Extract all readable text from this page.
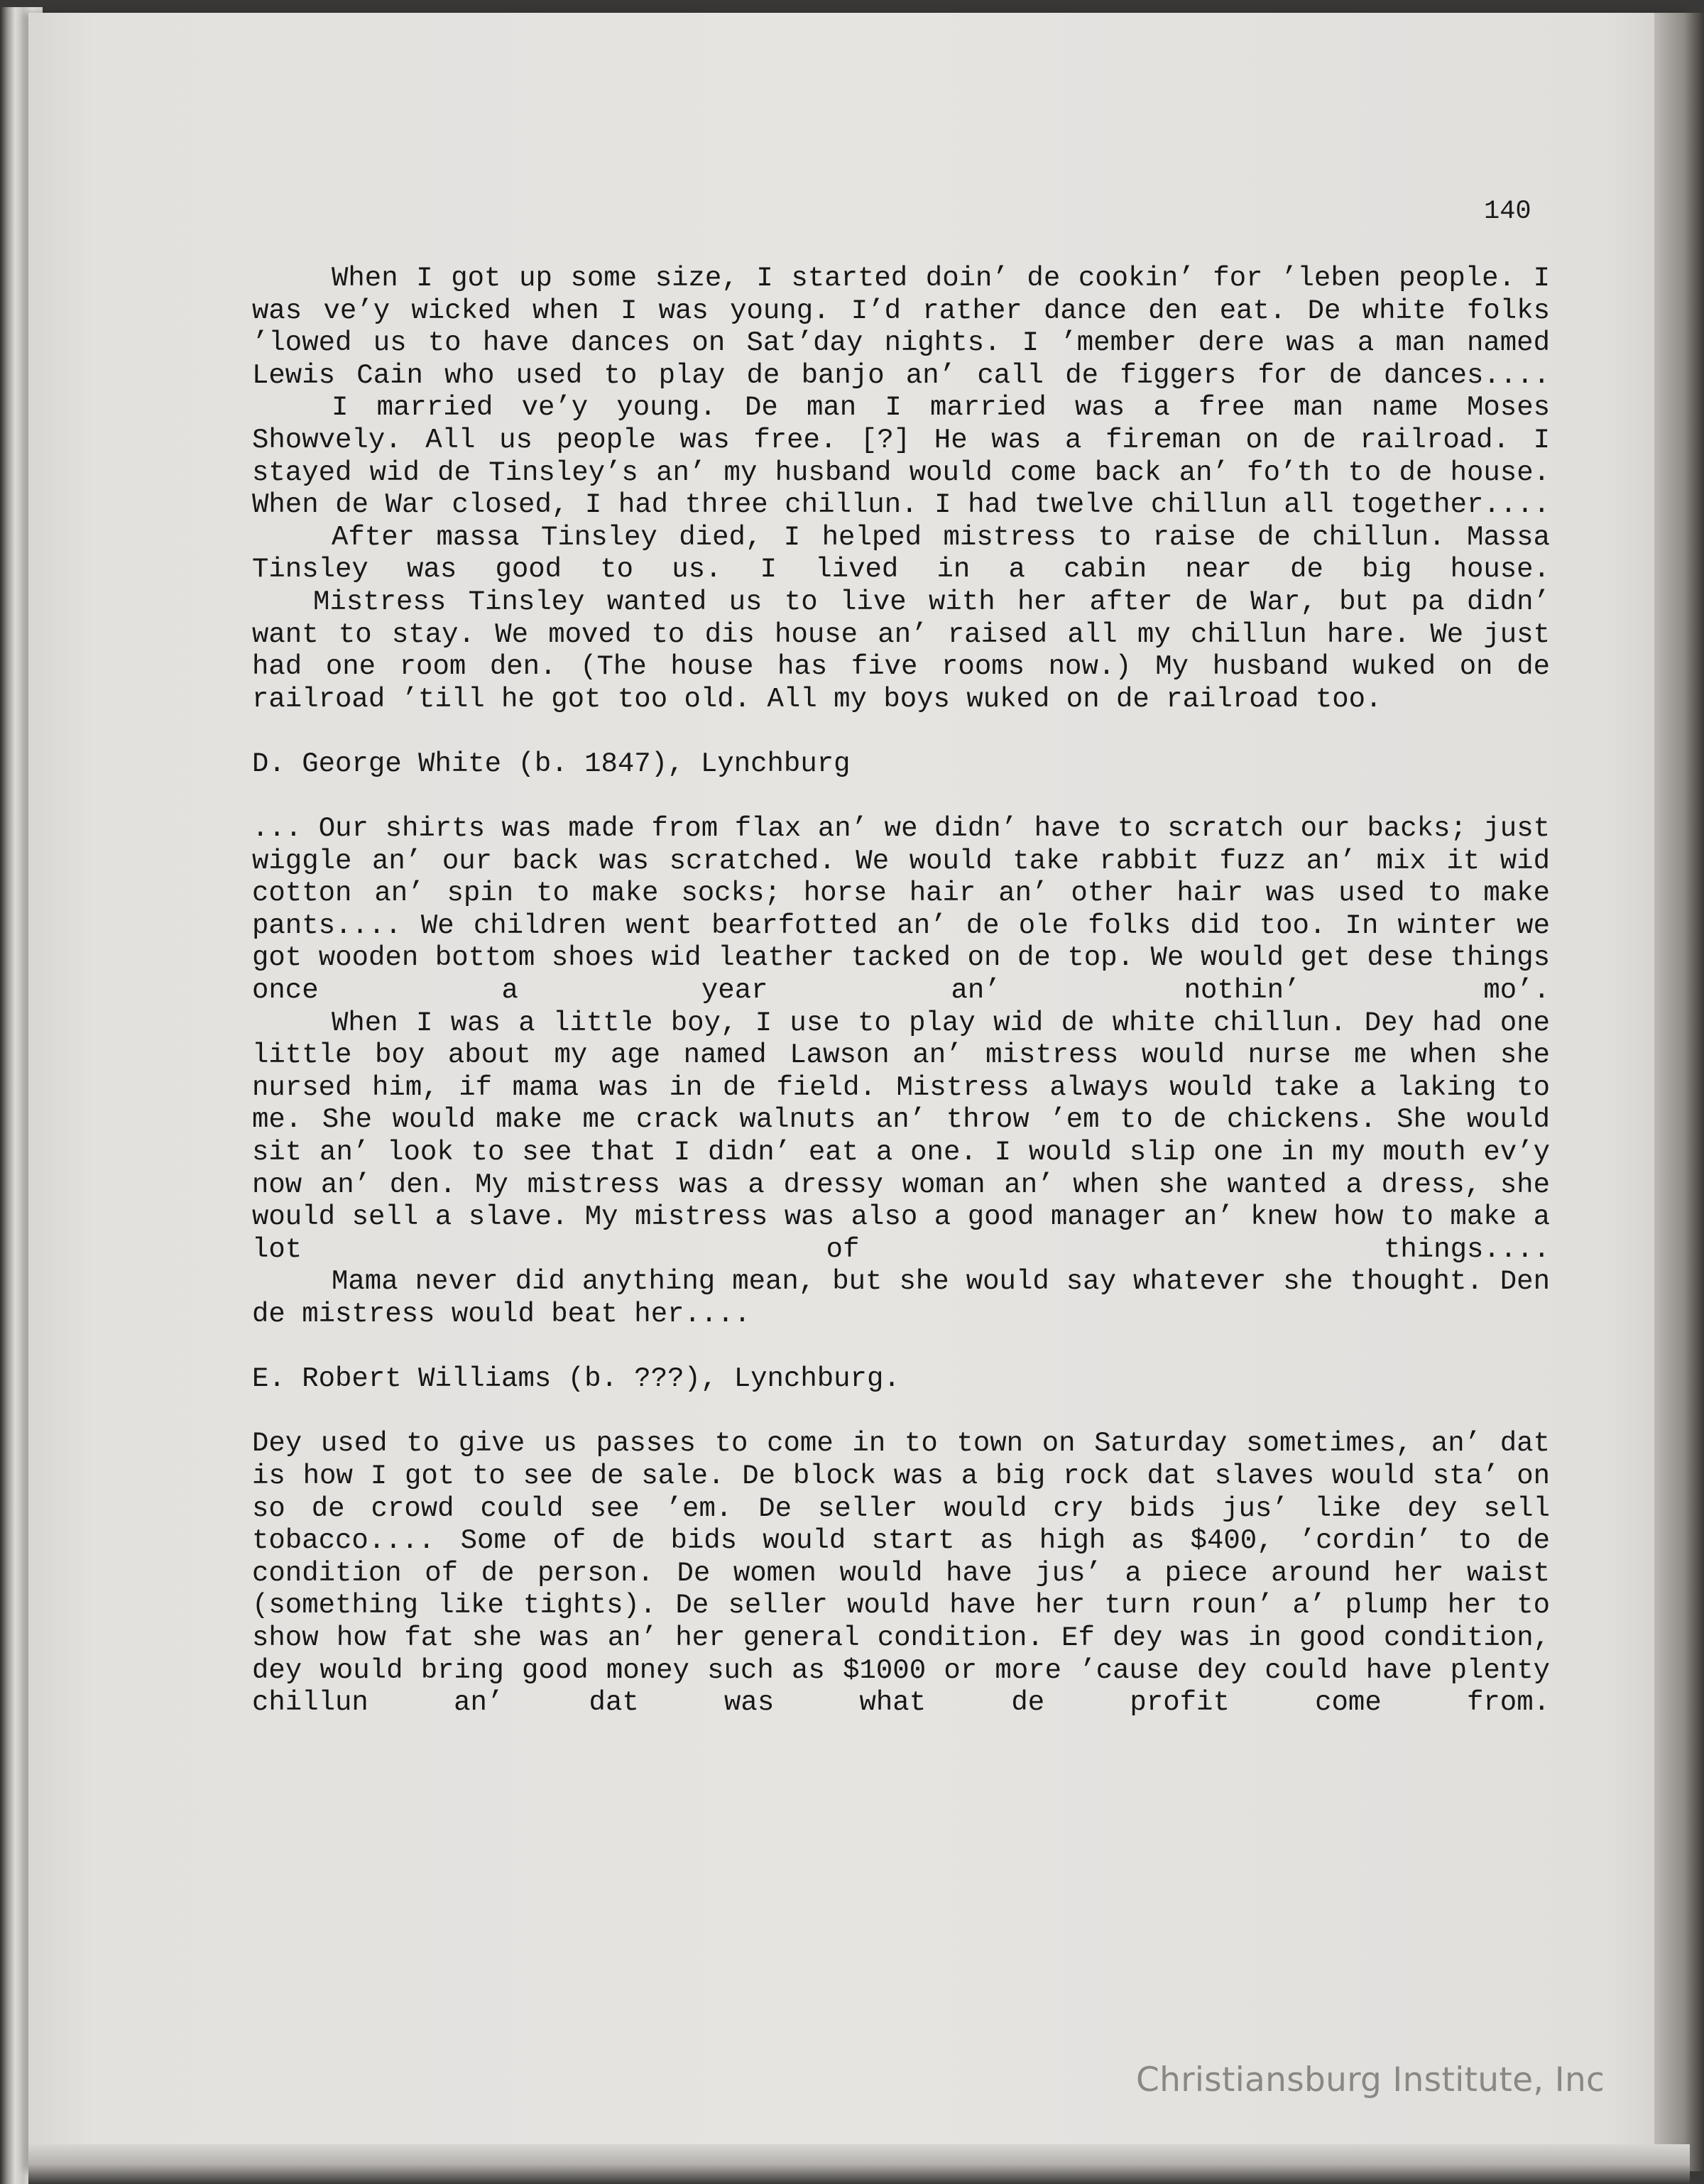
140

When I got up some size, I started doin’ de cookin’ for ’leben people. I was ve’y wicked when I was young. I’d rather dance den eat. De white folks ’lowed us to have dances on Sat’day nights. I ’member dere was a man named Lewis Cain who used to play de banjo an’ call de figgers for de dances....

I married ve’y young. De man I married was a free man name Moses Showvely. All us people was free. [?] He was a fireman on de railroad. I stayed wid de Tinsley’s an’ my husband would come back an’ fo’th to de house. When de War closed, I had three chillun. I had twelve chillun all together....

After massa Tinsley died, I helped mistress to raise de chillun. Massa Tinsley was good to us. I lived in a cabin near de big house.

Mistress Tinsley wanted us to live with her after de War, but pa didn’ want to stay. We moved to dis house an’ raised all my chillun hare. We just had one room den. (The house has five rooms now.) My husband wuked on de railroad ’till he got too old. All my boys wuked on de railroad too.

D. George White (b. 1847), Lynchburg

... Our shirts was made from flax an’ we didn’ have to scratch our backs; just wiggle an’ our back was scratched. We would take rabbit fuzz an’ mix it wid cotton an’ spin to make socks; horse hair an’ other hair was used to make pants.... We children went bearfotted an’ de ole folks did too. In winter we got wooden bottom shoes wid leather tacked on de top. We would get dese things once a year an’ nothin’ mo’.

When I was a little boy, I use to play wid de white chillun. Dey had one little boy about my age named Lawson an’ mistress would nurse me when she nursed him, if mama was in de field. Mistress always would take a laking to me. She would make me crack walnuts an’ throw ’em to de chickens. She would sit an’ look to see that I didn’ eat a one. I would slip one in my mouth ev’y now an’ den. My mistress was a dressy woman an’ when she wanted a dress, she would sell a slave. My mistress was also a good manager an’ knew how to make a lot of things....

Mama never did anything mean, but she would say whatever she thought. Den de mistress would beat her....

E. Robert Williams (b. ???), Lynchburg.

Dey used to give us passes to come in to town on Saturday sometimes, an’ dat is how I got to see de sale. De block was a big rock dat slaves would sta’ on so de crowd could see ’em. De seller would cry bids jus’ like dey sell tobacco.... Some of de bids would start as high as $400, ’cordin’ to de condition of de person. De women would have jus’ a piece around her waist (something like tights). De seller would have her turn roun’ a’ plump her to show how fat she was an’ her general condition. Ef dey was in good condition, dey would bring good money such as $1000 or more ’cause dey could have plenty chillun an’ dat was what de profit come from.

Christiansburg Institute, Inc
